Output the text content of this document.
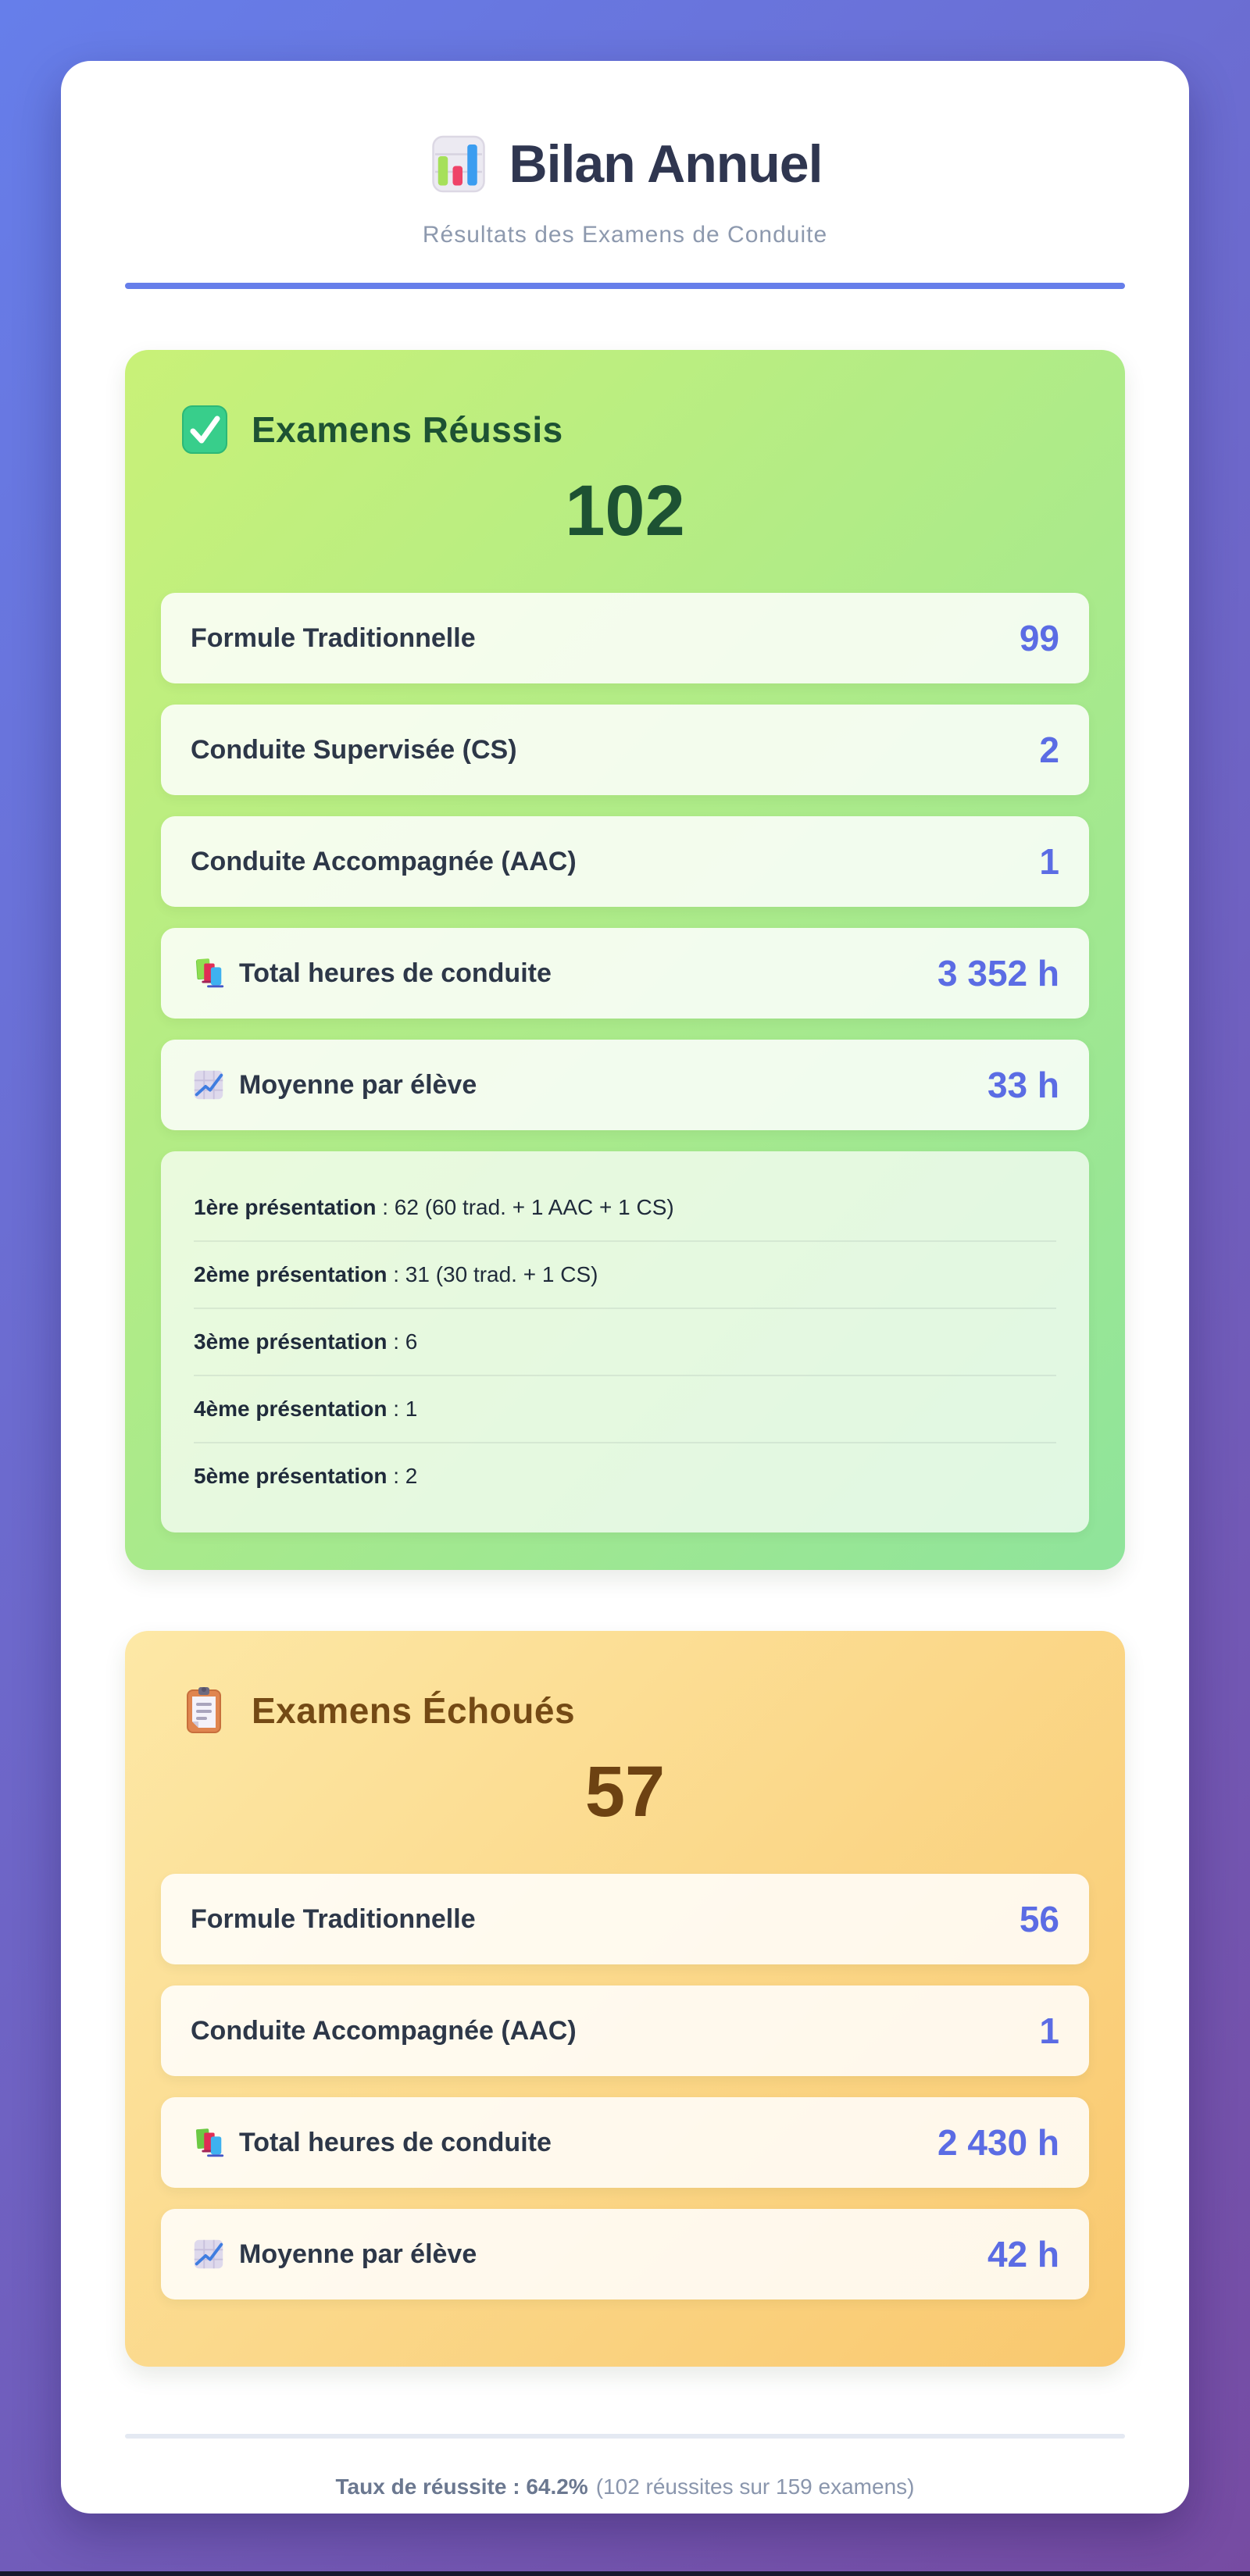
Bilan Annuel
Résultats des Examens de Conduite
Examens Réussis
102
Formule Traditionnelle	99
Conduite Supervisée (CS)	2
Conduite Accompagnée (AAC)	1
Total heures de conduite	3 352 h
Moyenne par élève	33 h
1ère présentation : 62 (60 trad. + 1 AAC + 1 CS)
2ème présentation : 31 (30 trad. + 1 CS)
3ème présentation : 6
4ème présentation : 1
5ème présentation : 2
Examens Échoués
57
Formule Traditionnelle	56
Conduite Accompagnée (AAC)	1
Total heures de conduite	2 430 h
Moyenne par élève	42 h

Taux de réussite : 64.2% (102 réussites sur 159 examens)
